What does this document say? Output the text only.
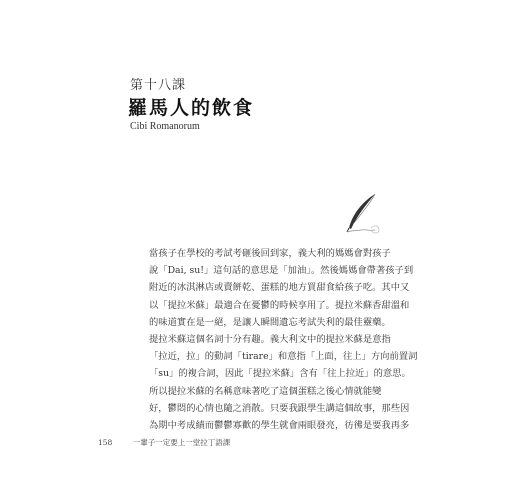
第十八課
羅馬人的飲食
Cibi Romanorum

當孩子在學校的考試考砸後回到家，義大利的媽媽會對孩子
說「Dai, su!」這句話的意思是「加油」。然後媽媽會帶著孩子到
附近的冰淇淋店或賣餅乾、蛋糕的地方買甜食給孩子吃。其中又
以「提拉米蘇」最適合在憂鬱的時候享用了。提拉米蘇香甜溫和
的味道實在是一絕，是讓人瞬間遺忘考試失利的最佳靈藥。

提拉米蘇這個名詞十分有趣。義大利文中的提拉米蘇是意指
「拉近，拉」的動詞「tirare」和意指「上面，往上」方向前置詞
「su」的複合詞，因此「提拉米蘇」含有「往上拉近」的意思。

所以提拉米蘇的名稱意味著吃了這個蛋糕之後心情就能變
好，鬱悶的心情也隨之消散。只要我跟學生講這個故事，那些因
為期中考成績而鬱鬱寡歡的學生就會兩眼發亮，彷彿是要我再多

158	一輩子一定要上一堂拉丁語課
